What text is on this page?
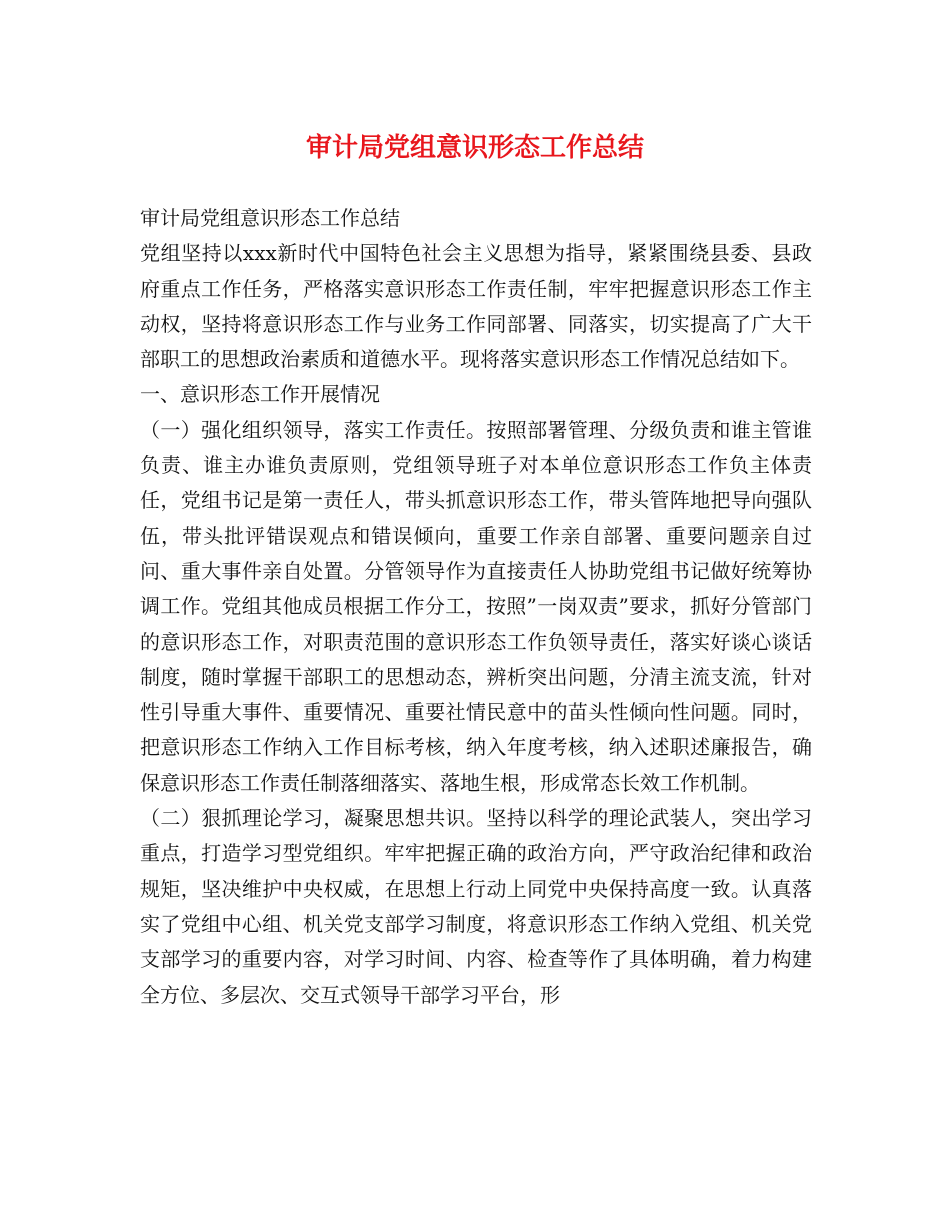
审计局党组意识形态工作总结

审计局党组意识形态工作总结

党组坚持以xxx新时代中国特色社会主义思想为指导，紧紧围绕县委、县政府重点工作任务，严格落实意识形态工作责任制，牢牢把握意识形态工作主动权，坚持将意识形态工作与业务工作同部署、同落实，切实提高了广大干部职工的思想政治素质和道德水平。现将落实意识形态工作情况总结如下。

一、意识形态工作开展情况

（一）强化组织领导，落实工作责任。按照部署管理、分级负责和谁主管谁负责、谁主办谁负责原则，党组领导班子对本单位意识形态工作负主体责任，党组书记是第一责任人，带头抓意识形态工作，带头管阵地把导向强队伍，带头批评错误观点和错误倾向，重要工作亲自部署、重要问题亲自过问、重大事件亲自处置。分管领导作为直接责任人协助党组书记做好统筹协调工作。党组其他成员根据工作分工，按照”一岗双责”要求，抓好分管部门的意识形态工作，对职责范围的意识形态工作负领导责任，落实好谈心谈话制度，随时掌握干部职工的思想动态，辨析突出问题，分清主流支流，针对性引导重大事件、重要情况、重要社情民意中的苗头性倾向性问题。同时，把意识形态工作纳入工作目标考核，纳入年度考核，纳入述职述廉报告，确保意识形态工作责任制落细落实、落地生根，形成常态长效工作机制。

（二）狠抓理论学习，凝聚思想共识。坚持以科学的理论武装人，突出学习重点，打造学习型党组织。牢牢把握正确的政治方向，严守政治纪律和政治规矩，坚决维护中央权威，在思想上行动上同党中央保持高度一致。认真落实了党组中心组、机关党支部学习制度，将意识形态工作纳入党组、机关党支部学习的重要内容，对学习时间、内容、检查等作了具体明确，着力构建全方位、多层次、交互式领导干部学习平台，形
